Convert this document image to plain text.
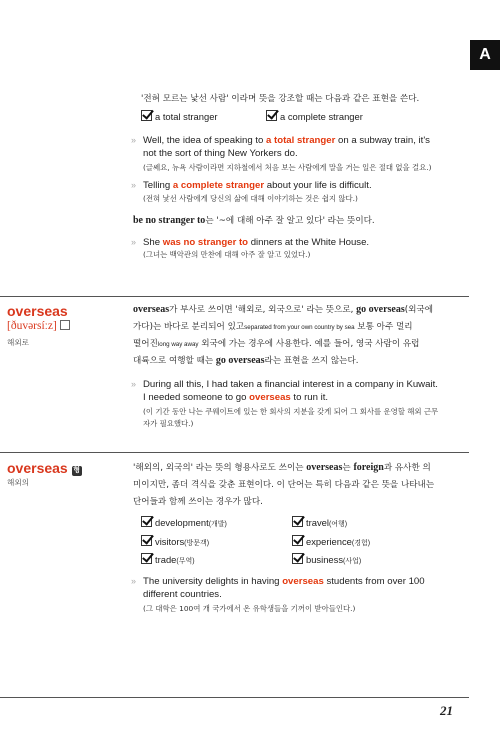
A
'전혀 모르는 낯선 사람' 이라며 뜻을 강조할 때는 다음과 같은 표현을 쓴다.
a total stranger	a complete stranger
» Well, the idea of speaking to a total stranger on a subway train, it's
not the sort of thing New Yorkers do.
(글쎄요, 뉴욕 사람이라면 지하철에서 처음 보는 사람에게 말을 거는 일은 절대 없을 걸요.)
» Telling a complete stranger about your life is difficult.
(전혀 낯선 사람에게 당신의 삶에 대해 이야기하는 것은 쉽지 않다.)
be no stranger to는 '~에 대해 아주 잘 알고 있다' 라는 뜻이다.
» She was no stranger to dinners at the White House.
(그녀는 백악관의 만찬에 대해 아주 잘 알고 있었다.)
overseas
[ðuvərsíːz]
해외로
overseas가 부사로 쓰이면 '해외로, 외국으로' 라는 뜻으로, go overseas(외국에
가다)는 바다로 분리되어 있고separated from your own country by sea 보통 아주 멀리
떨어진long way away 외국에 가는 경우에 사용한다. 예를 들어, 영국 사람이 유럽
대륙으로 여행할 때는 go overseas라는 표현을 쓰지 않는다.
» During all this, I had taken a financial interest in a company in Kuwait.
I needed someone to go overseas to run it.
(이 기간 동안 나는 쿠웨이트에 있는 한 회사의 지분을 갖게 되어 그 회사를 운영할 해외 근무
자가 필요했다.)
overseas 형
해외의
'해외의, 외국의' 라는 뜻의 형용사로도 쓰이는 overseas는 foreign과 유사한 의
미이지만, 좀더 격식을 갖춘 표현이다. 이 단어는 특히 다음과 같은 뜻을 나타내는
단어들과 함께 쓰이는 경우가 많다.
development(개발)	travel(여행)
visitors(방문객)	experience(경험)
trade(무역)	business(사업)
» The university delights in having overseas students from over 100
different countries.
(그 대학은 100여 개 국가에서 온 유학생들을 기꺼이 받아들인다.)
21
